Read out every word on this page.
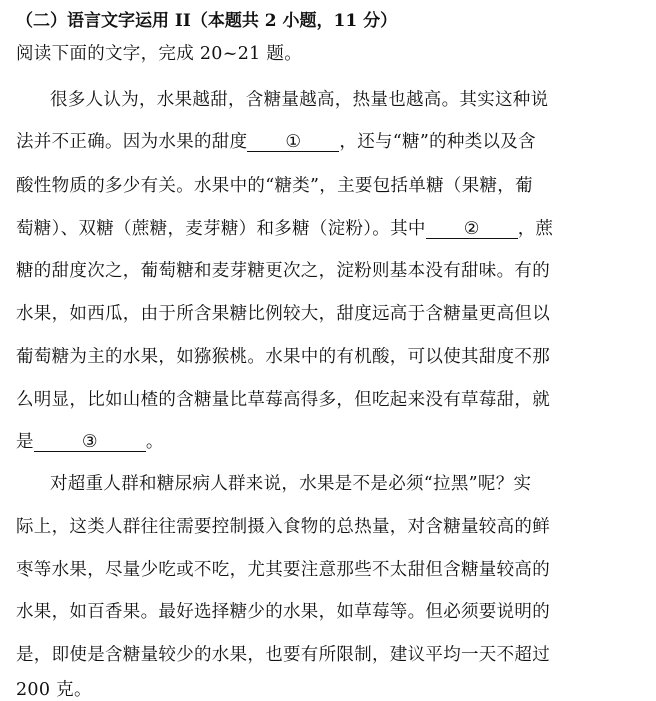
（二）语言文字运用 II（本题共 2 小题，11 分）
阅读下面的文字，完成 20~21 题。
很多人认为，水果越甜，含糖量越高，热量也越高。其实这种说
法并不正确。因为水果的甜度 ① ，还与“糖”的种类以及含
酸性物质的多少有关。水果中的“糖类”，主要包括单糖（果糖，葡
萄糖）、双糖（蔗糖，麦芽糖）和多糖（淀粉）。其中 ② ，蔗
糖的甜度次之，葡萄糖和麦芽糖更次之，淀粉则基本没有甜味。有的
水果，如西瓜，由于所含果糖比例较大，甜度远高于含糖量更高但以
葡萄糖为主的水果，如猕猴桃。水果中的有机酸，可以使其甜度不那
么明显，比如山楂的含糖量比草莓高得多，但吃起来没有草莓甜，就
是	③	。
对超重人群和糖尿病人群来说，水果是不是必须“拉黑”呢？实
际上，这类人群往往需要控制摄入食物的总热量，对含糖量较高的鲜
枣等水果，尽量少吃或不吃，尤其要注意那些不太甜但含糖量较高的
水果，如百香果。最好选择糖少的水果，如草莓等。但必须要说明的
是，即使是含糖量较少的水果，也要有所限制，建议平均一天不超过
200 克。
